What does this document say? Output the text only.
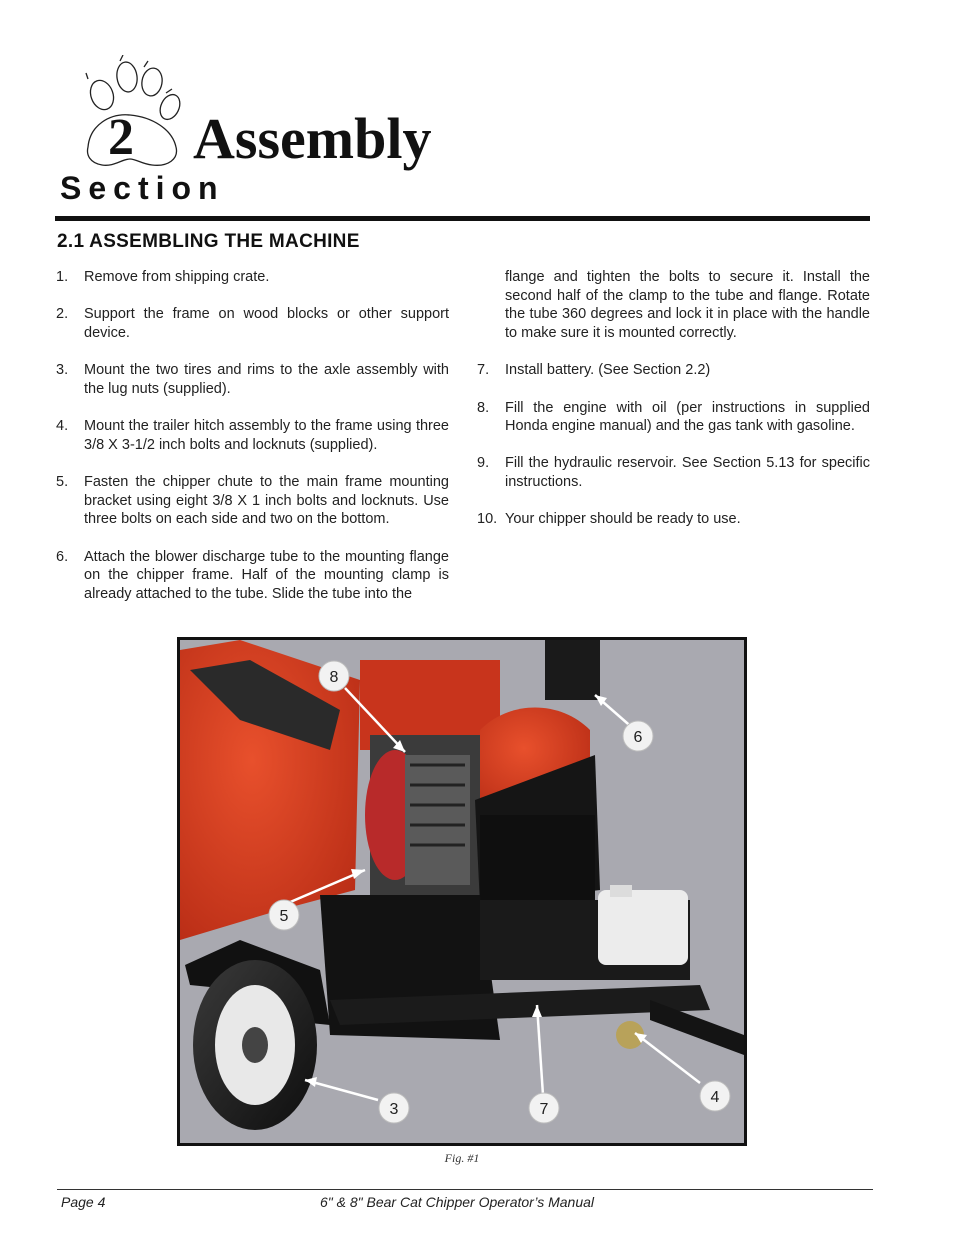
2 Assembly
Section
2.1 ASSEMBLING THE MACHINE
1.	Remove from shipping crate.
2.	Support the frame on wood blocks or other support device.
3.	Mount the two tires and rims to the axle assembly with the lug nuts (supplied).
4.	Mount the trailer hitch assembly to the frame using three 3/8 X 3-1/2 inch bolts and locknuts (supplied).
5.	Fasten the chipper chute to the main frame mounting bracket using eight 3/8 X 1 inch bolts and locknuts. Use three bolts on each side and two on the bottom.
6.	Attach the blower discharge tube to the mounting flange on the chipper frame. Half of the mounting clamp is already attached to the tube. Slide the tube into the
flange and tighten the bolts to secure it. Install the second half of the clamp to the tube and flange. Rotate the tube 360 degrees and lock it in place with the handle to make sure it is mounted correctly.
7.	Install battery. (See Section 2.2)
8.	Fill the engine with oil (per instructions in supplied Honda engine manual) and the gas tank with gasoline.
9.	Fill the hydraulic reservoir. See Section 5.13 for specific instructions.
10. Your chipper should be ready to use.
8
6
5
3	7
4
Fig. #1
Page 4	6" & 8" Bear Cat Chipper Operator’s Manual
